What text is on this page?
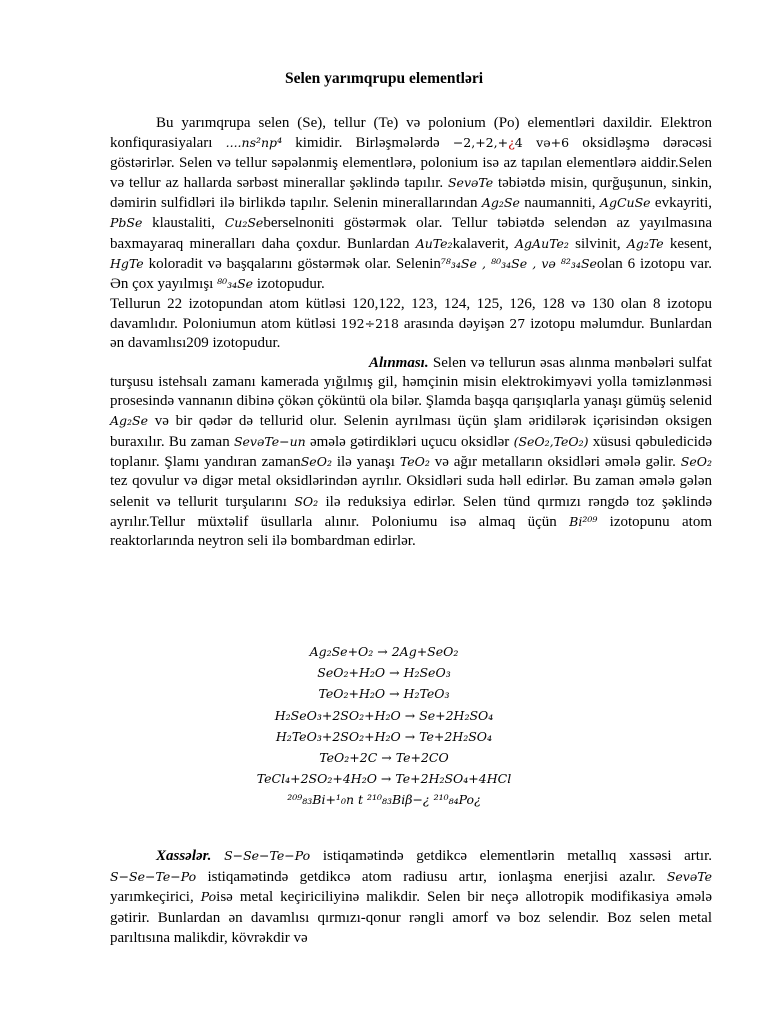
Selen yarımqrupu elementləri

Bu yarımqrupa selen (Se), tellur (Te) və polonium (Po) elementləri daxildir. Elektron konfiqurasiyaları ....ns²np⁴ kimidir. Birləşmələrdə −2,+2,+¿4 və+6 oksidləşmə dərəcəsi göstərirlər. Selen və tellur səpələnmiş elementlərə, polonium isə az tapılan elementlərə aiddir.Selen və tellur az hallarda sərbəst minerallar şəklində tapılır. SevəTe təbiətdə misin, qurğuşunun, sinkin, dəmirin sulfidləri ilə birlikdə tapılır. Selenin minerallarından Ag₂Se naumanniti, AgCuSe evkayriti, PbSe klaustaliti, Cu₂Seberselnoniti göstərmək olar. Tellur təbiətdə selendən az yayılmasına baxmayaraq mineralları daha çoxdur. Bunlardan AuTe₂kalaverit, AgAuTe₂ silvinit, Ag₂Te kesent, HgTe koloradit və başqalarını göstərmək olar. Selenin⁷⁸₃₄Se , ⁸⁰₃₄Se , və ⁸²₃₄Seolan 6 izotopu var. Ən çox yayılmışı ⁸⁰₃₄Se izotopudur.

Tellurun 22 izotopundan atom kütləsi 120,122, 123, 124, 125, 126, 128 və 130 olan 8 izotopu davamlıdır. Poloniumun atom kütləsi 192÷218 arasında dəyişən 27 izotopu məlumdur. Bunlardan ən davamlısı209 izotopudur.

Alınması. Selen və tellurun əsas alınma mənbələri sulfat turşusu istehsalı zamanı kamerada yığılmış gil, həmçinin misin elektrokimyəvi yolla təmizlənməsi prosesində vannanın dibinə çökən çöküntü ola bilər. Şlamda başqa qarışıqlarla yanaşı gümüş selenid Ag₂Se və bir qədər də tellurid olur. Selenin ayrılması üçün şlam əridilərək içərisindən oksigen buraxılır. Bu zaman SevəTe−un əmələ gətirdikləri uçucu oksidlər (SeO₂,TeO₂) xüsusi qəbuledicidə toplanır. Şlamı yandıran zamanSeO₂ ilə yanaşı TeO₂ və ağır metalların oksidləri əmələ gəlir. SeO₂ tez qovulur və digər metal oksidlərindən ayrılır. Oksidləri suda həll edirlər. Bu zaman əmələ gələn selenit və tellurit turşularını SO₂ ilə reduksiya edirlər. Selen tünd qırmızı rəngdə toz şəklində ayrılır.Tellur müxtəlif üsullarla alınır. Poloniumu isə almaq üçün Bi²⁰⁹ izotopunu atom reaktorlarında neytron seli ilə bombardman edirlər.

Ag₂Se+O₂ → 2Ag+SeO₂
SeO₂+H₂O → H₂SeO₃
TeO₂+H₂O → H₂TeO₃
H₂SeO₃+2SO₂+H₂O → Se+2H₂SO₄
H₂TeO₃+2SO₂+H₂O → Te+2H₂SO₄
TeO₂+2C → Te+2CO
TeCl₄+2SO₂+4H₂O → Te+2H₂SO₄+4HCl
²⁰⁹₈₃Bi+¹₀n t ²¹⁰₈₃Biβ−¿ ²¹⁰₈₄Po¿

Xassələr. S−Se−Te−Po istiqamətində getdikcə elementlərin metallıq xassəsi artır. S−Se−Te−Po istiqamətində getdikcə atom radiusu artır, ionlaşma enerjisi azalır. SevəTe yarımkeçirici, Poisə metal keçiriciliyinə malikdir. Selen bir neçə allotropik modifikasiya əmələ gətirir. Bunlardan ən davamlısı qırmızı-qonur rəngli amorf və boz selendir. Boz selen metal parıltısına malikdir, kövrəkdir və
